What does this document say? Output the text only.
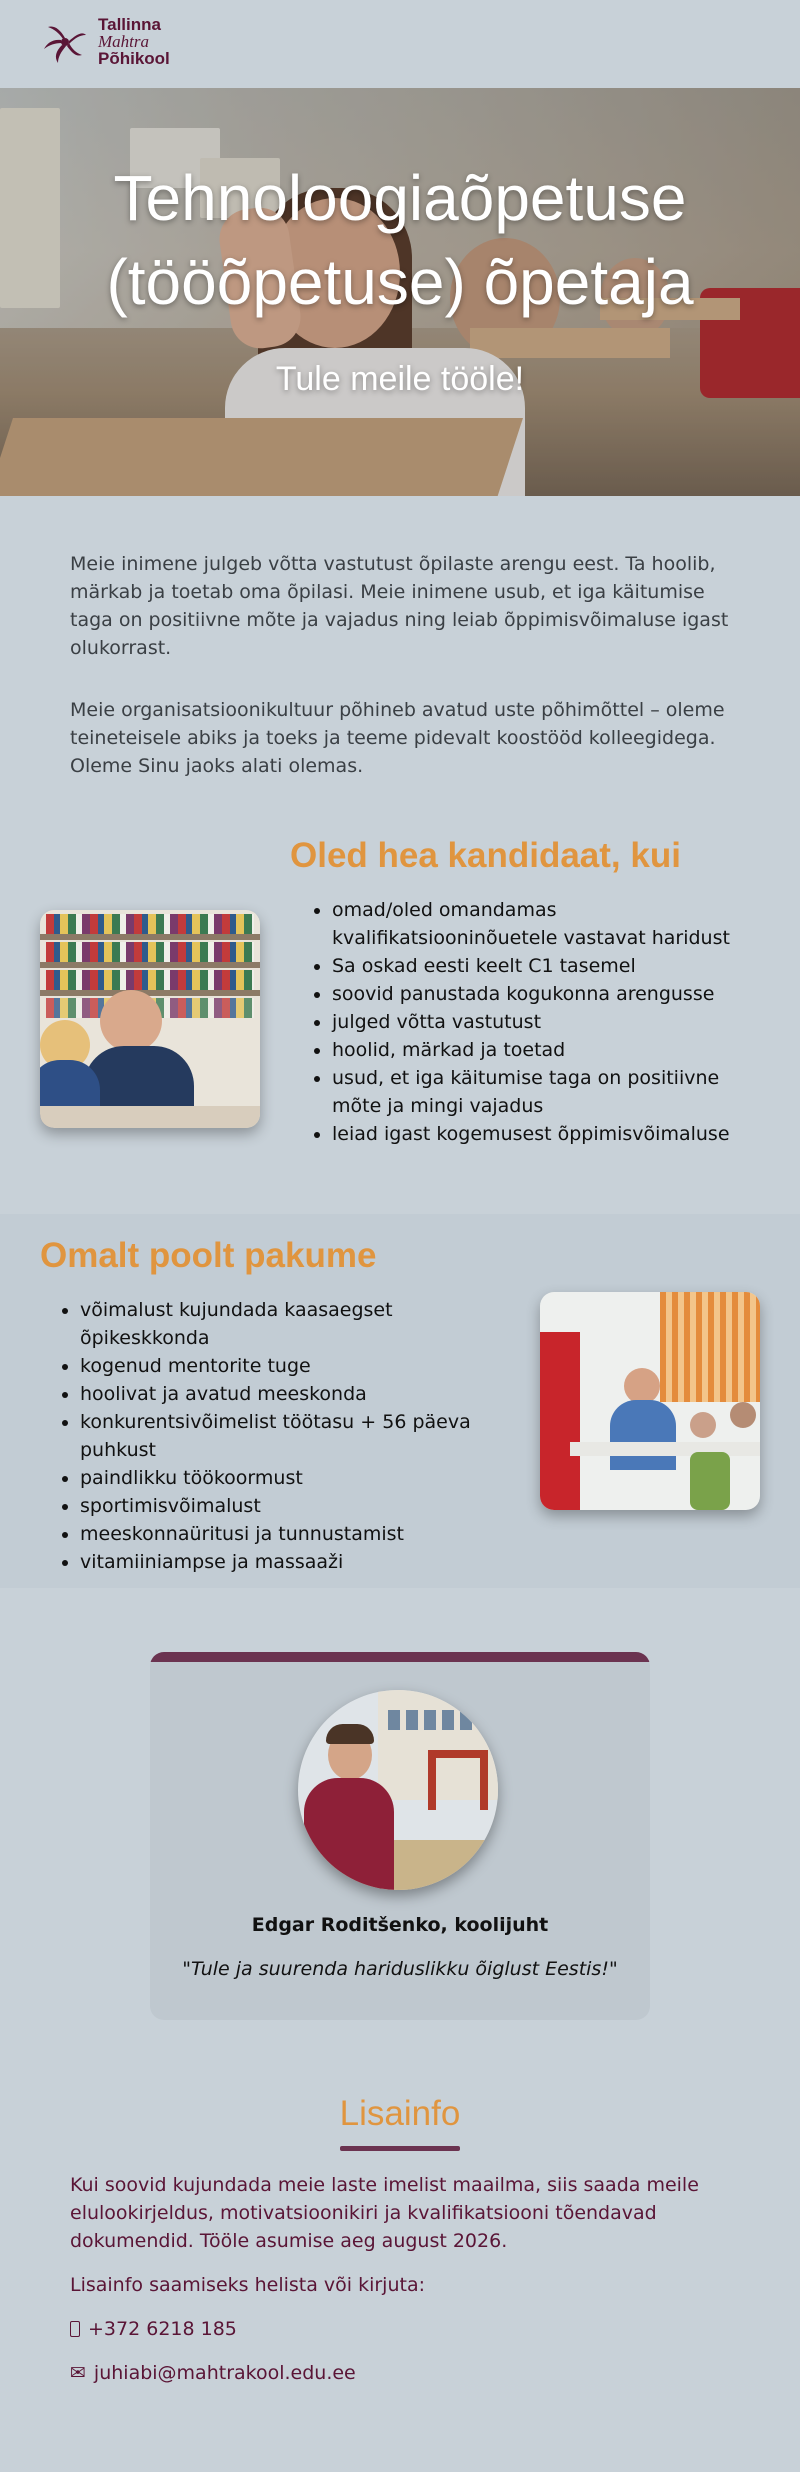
Tallinna
Mahtra
Põhikool
Tehnoloogiaõpetuse
(tööõpetuse) õpetaja
Tule meile tööle!

Meie inimene julgeb võtta vastutust õpilaste arengu eest. Ta hoolib, märkab ja toetab oma õpilasi. Meie inimene usub, et iga käitumise taga on positiivne mõte ja vajadus ning leiab õppimisvõimaluse igast olukorrast.

Meie organisatsioonikultuur põhineb avatud uste põhimõttel – oleme teineteisele abiks ja toeks ja teeme pidevalt koostööd kolleegidega. Oleme Sinu jaoks alati olemas.

Oled hea kandidaat, kui
• omad/oled omandamas kvalifikatsiooninõuetele vastavat haridust
• Sa oskad eesti keelt C1 tasemel
• soovid panustada kogukonna arengusse
• julged võtta vastutust
• hoolid, märkad ja toetad
• usud, et iga käitumise taga on positiivne mõte ja mingi vajadus
• leiad igast kogemusest õppimisvõimaluse
Omalt poolt pakume
• võimalust kujundada kaasaegset õpikeskkonda
• kogenud mentorite tuge
• hoolivat ja avatud meeskonda
• konkurentsivõimelist töötasu + 56 päeva puhkust
• paindlikku töökoormust
• sportimisvõimalust
• meeskonnaüritusi ja tunnustamist
• vitamiiniampse ja massaaži
Edgar Roditšenko, koolijuht
"Tule ja suurenda hariduslikku õiglust Eestis!"
Lisainfo

Kui soovid kujundada meie laste imelist maailma, siis saada meile elulookirjeldus, motivatsioonikiri ja kvalifikatsiooni tõendavad dokumendid. Tööle asumise aeg august 2026.

Lisainfo saamiseks helista või kirjuta:

+372 6218 185

✉ juhiabi@mahtrakool.edu.ee
